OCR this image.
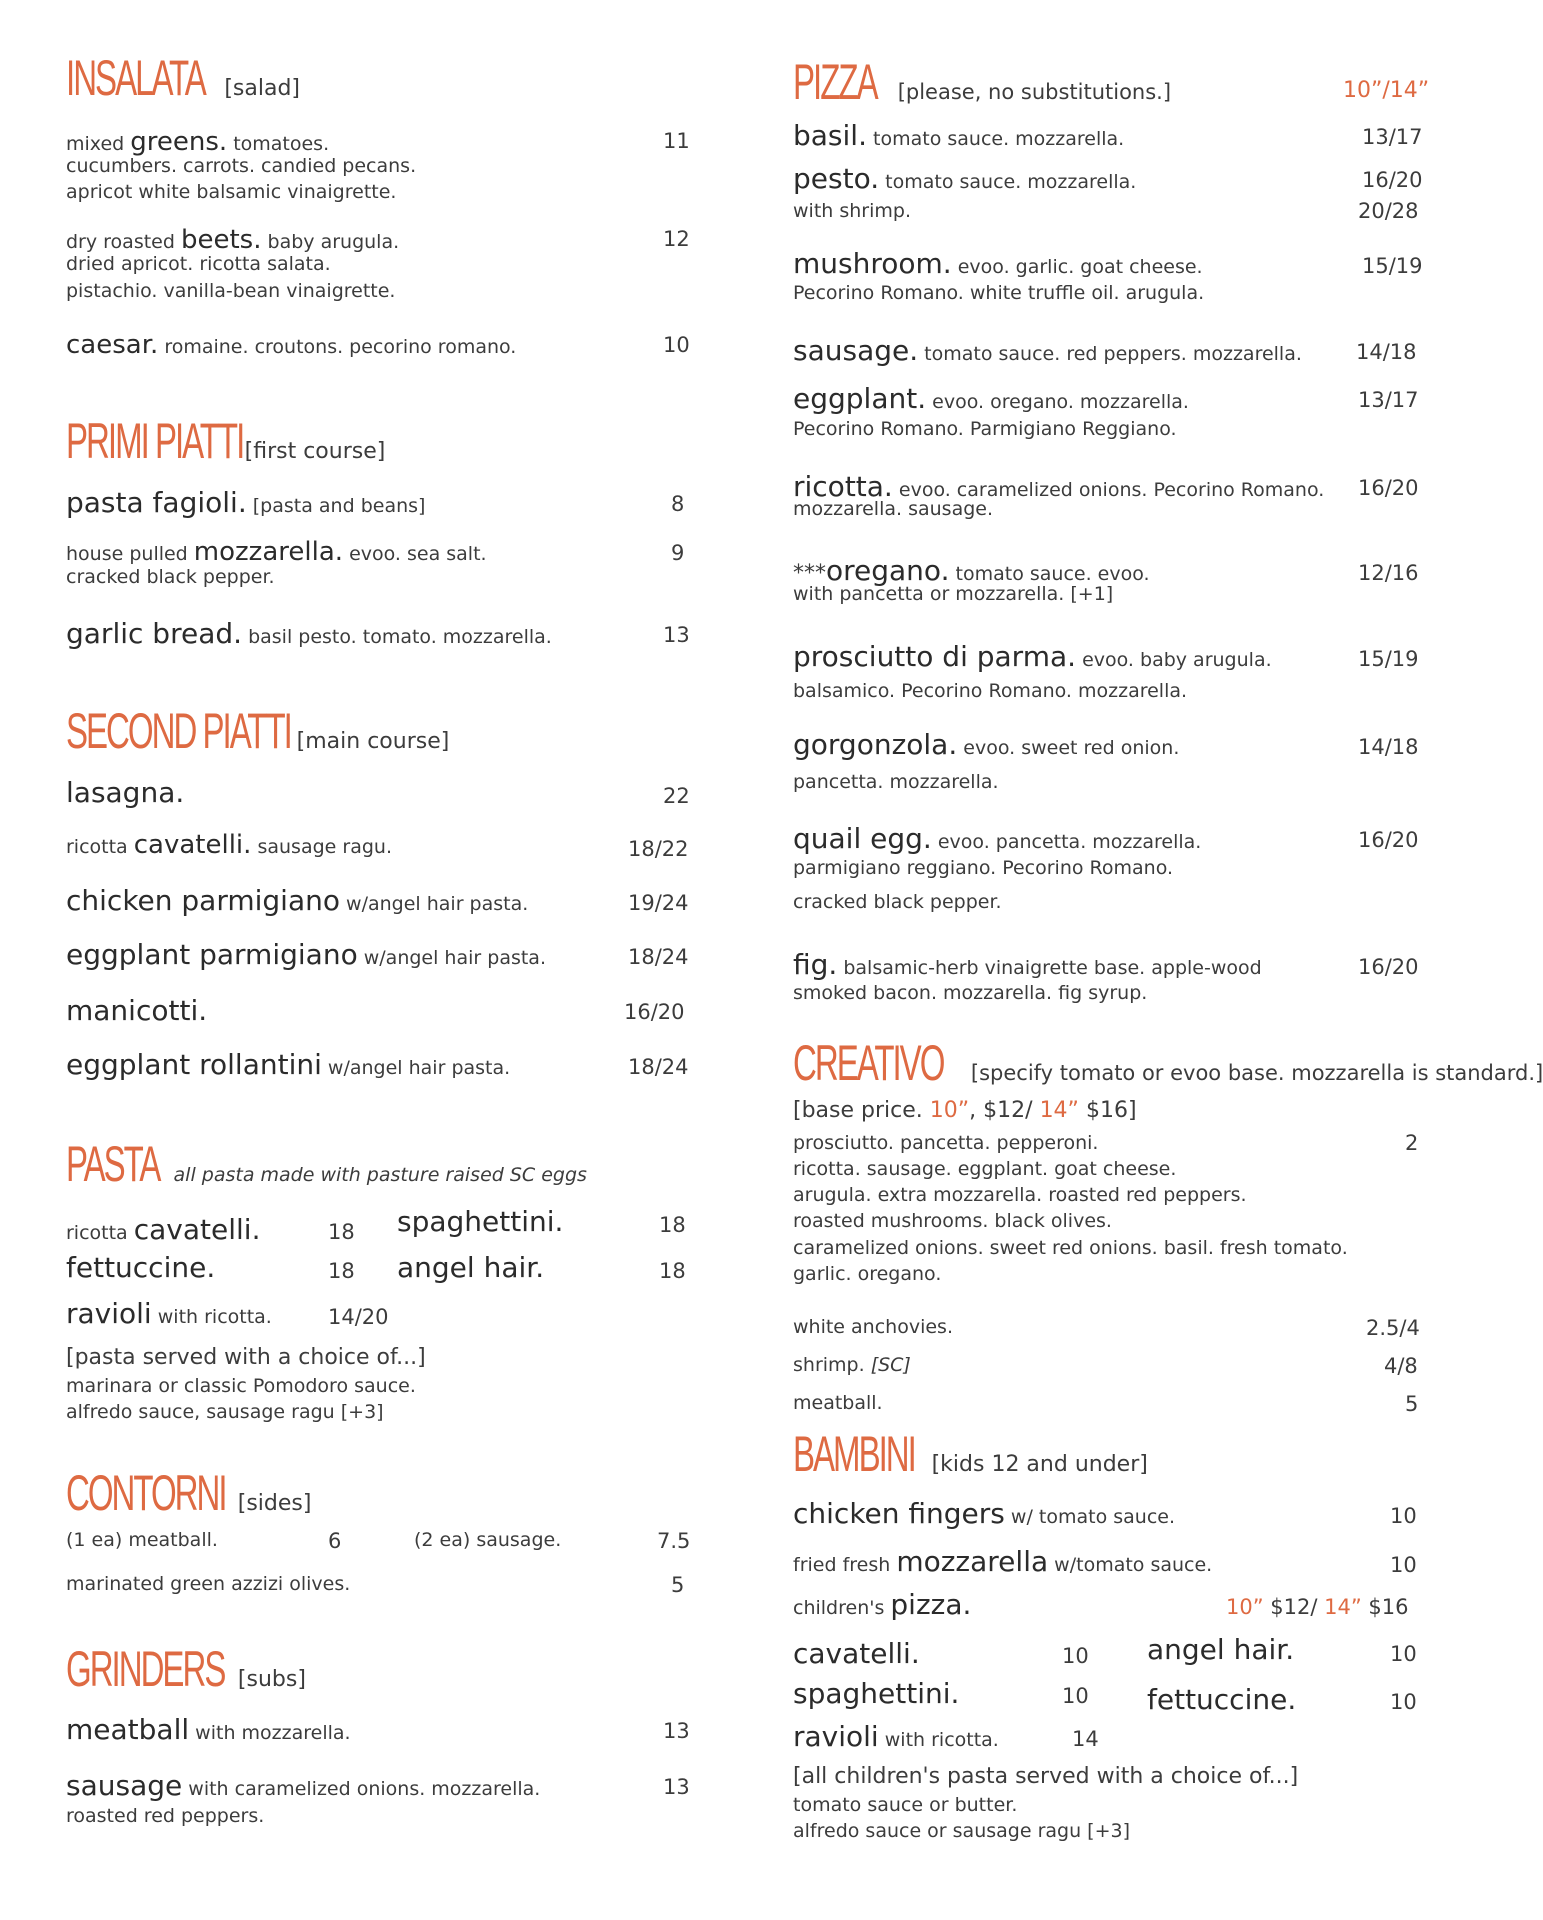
INSALATA [salad]
mixed greens. tomatoes.
cucumbers. carrots. candied pecans.
apricot white balsamic vinaigrette.
11
dry roasted beets. baby arugula.
dried apricot. ricotta salata.
pistachio. vanilla-bean vinaigrette.
12
caesar. romaine. croutons. pecorino romano.	10
PRIMI PIATTI[first course]
pasta fagioli. [pasta and beans]	8
house pulled mozzarella. evoo. sea salt.
cracked black pepper.
9
garlic bread. basil pesto. tomato. mozzarella.	13
SECOND PIATTI [main course]
lasagna.	22
ricotta cavatelli. sausage ragu.	18/22
chicken parmigiano w/angel hair pasta.	19/24
eggplant parmigiano w/angel hair pasta.	18/24
manicotti.	16/20
eggplant rollantini w/angel hair pasta.	18/24
PASTA all pasta made with pasture raised SC eggs
ricotta cavatelli.	18 spaghettini.	18
fettuccine.	18 angel hair.	18
ravioli with ricotta.	14/20
[pasta served with a choice of...]
marinara or classic Pomodoro sauce.
alfredo sauce, sausage ragu [+3]
CONTORNI [sides]
(1 ea) meatball.	6	(2 ea) sausage.	7.5
marinated green azzizi olives.	5
GRINDERS [subs]
meatball with mozzarella.	13
sausage with caramelized onions. mozzarella.
roasted red peppers.
13
PIZZA [please, no substitutions.]	10”/14”
basil. tomato sauce. mozzarella.	13/17
pesto. tomato sauce. mozzarella.	16/20
with shrimp.	20/28
mushroom. evoo. garlic. goat cheese.	15/19
Pecorino Romano. white truffle oil. arugula.
sausage. tomato sauce. red peppers. mozzarella.	14/18
eggplant. evoo. oregano. mozzarella.	13/17
Pecorino Romano. Parmigiano Reggiano.
ricotta. evoo. caramelized onions. Pecorino Romano. 16/20
mozzarella. sausage.
***oregano. tomato sauce. evoo.	12/16
with pancetta or mozzarella. [+1]
prosciutto di parma. evoo. baby arugula.	15/19
balsamico. Pecorino Romano. mozzarella.
gorgonzola. evoo. sweet red onion.	14/18
pancetta. mozzarella.
quail egg. evoo. pancetta. mozzarella.	16/20
parmigiano reggiano. Pecorino Romano.
cracked black pepper.
fig. balsamic-herb vinaigrette base. apple-wood	16/20
smoked bacon. mozzarella. fig syrup.
CREATIVO [specify tomato or evoo base. mozzarella is standard.]
[base price. 10”, $12/ 14” $16]
prosciutto. pancetta. pepperoni.	2
ricotta. sausage. eggplant. goat cheese.
arugula. extra mozzarella. roasted red peppers.
roasted mushrooms. black olives.
caramelized onions. sweet red onions. basil. fresh tomato.
garlic. oregano.
white anchovies.	2.5/4
shrimp. [SC]	4/8
meatball.	5
BAMBINI [kids 12 and under]
chicken fingers w/ tomato sauce.	10
fried fresh mozzarella w/tomato sauce.	10
children's pizza.	10” $12/ 14” $16
cavatelli.	10 angel hair.	10
spaghettini.	10 fettuccine.	10
ravioli with ricotta.	14
[all children's pasta served with a choice of...]
tomato sauce or butter.
alfredo sauce or sausage ragu [+3]
